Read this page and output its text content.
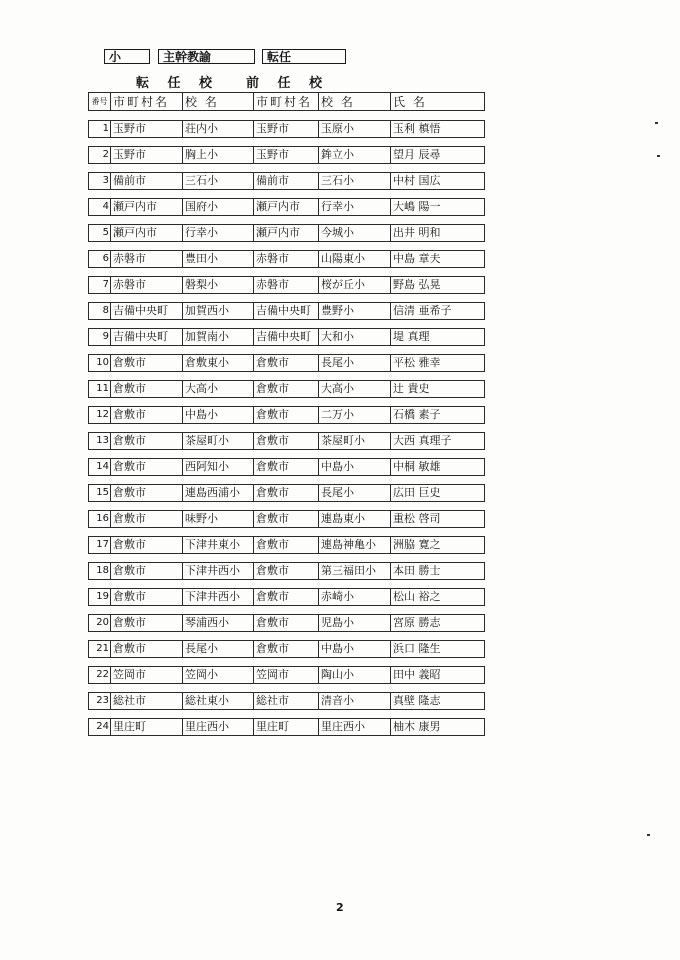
小	主幹教諭	転任
転 任 校 前 任 校
番号	市町村名	校 名	市町村名	校 名	氏 名

1	玉野市	荘内小	玉野市	玉原小	玉利 槙悟

2	玉野市	胸上小	玉野市	鉾立小	望月 辰尋

3	備前市	三石小	備前市	三石小	中村 国広

4	瀬戸内市	国府小	瀬戸内市	行幸小	大嶋 陽一

5	瀬戸内市	行幸小	瀬戸内市	今城小	出井 明和

6	赤磐市	豊田小	赤磐市	山陽東小	中島 章夫

7	赤磐市	磐梨小	赤磐市	桜が丘小	野島 弘晃

8	吉備中央町	加賀西小	吉備中央町	豊野小	信清 亜希子

9	吉備中央町	加賀南小	吉備中央町	大和小	堤 真理

10	倉敷市	倉敷東小	倉敷市	長尾小	平松 雅幸

11	倉敷市	大高小	倉敷市	大高小	辻 貴史

12	倉敷市	中島小	倉敷市	二万小	石橋 素子

13	倉敷市	茶屋町小	倉敷市	茶屋町小	大西 真理子

14	倉敷市	西阿知小	倉敷市	中島小	中桐 敏雄

15	倉敷市	連島西浦小	倉敷市	長尾小	広田 巨史

16	倉敷市	味野小	倉敷市	連島東小	重松 啓司

17	倉敷市	下津井東小	倉敷市	連島神亀小	洲脇 寛之

18	倉敷市	下津井西小	倉敷市	第三福田小	本田 勝士

19	倉敷市	下津井西小	倉敷市	赤崎小	松山 裕之

20	倉敷市	琴浦西小	倉敷市	児島小	宮原 勝志

21	倉敷市	長尾小	倉敷市	中島小	浜口 隆生

22	笠岡市	笠岡小	笠岡市	陶山小	田中 義昭

23	総社市	総社東小	総社市	清音小	真壁 隆志

24	里庄町	里庄西小	里庄町	里庄西小	柚木 康男
2
